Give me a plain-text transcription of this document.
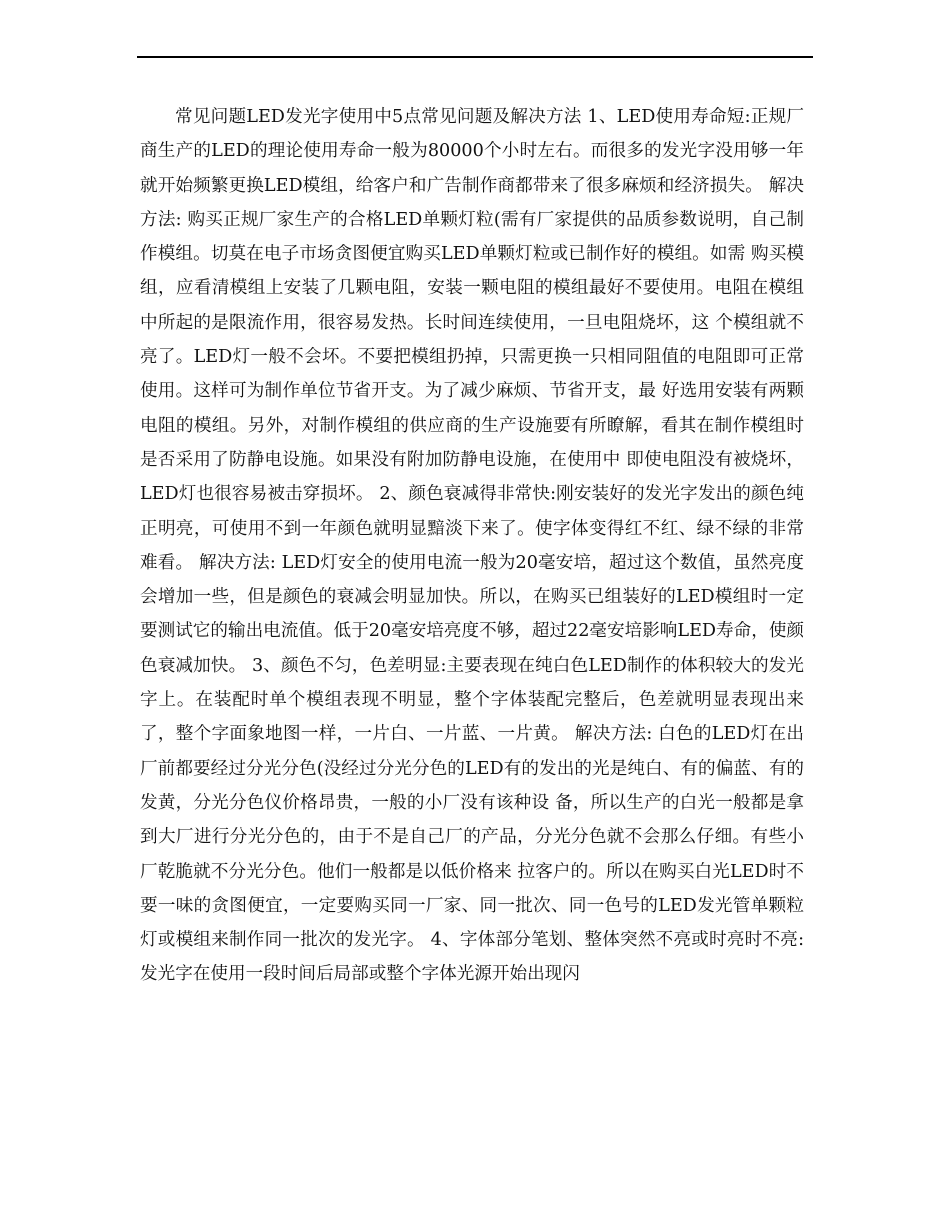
常见问题LED发光字使用中5点常见问题及解决方法 1、LED使用寿命短:正规厂商生产的LED的理论使用寿命一般为80000个小时左右。而很多的发光字没用够一年就开始频繁更换LED模组，给客户和广告制作商都带来了很多麻烦和经济损失。 解决方法: 购买正规厂家生产的合格LED单颗灯粒(需有厂家提供的品质参数说明，自己制作模组。切莫在电子市场贪图便宜购买LED单颗灯粒或已制作好的模组。如需 购买模组，应看清模组上安装了几颗电阻，安装一颗电阻的模组最好不要使用。电阻在模组中所起的是限流作用，很容易发热。长时间连续使用，一旦电阻烧坏，这 个模组就不亮了。LED灯一般不会坏。不要把模组扔掉，只需更换一只相同阻值的电阻即可正常使用。这样可为制作单位节省开支。为了减少麻烦、节省开支，最 好选用安装有两颗电阻的模组。另外，对制作模组的供应商的生产设施要有所瞭解，看其在制作模组时是否采用了防静电设施。如果没有附加防静电设施，在使用中 即使电阻没有被烧坏，LED灯也很容易被击穿损坏。 2、颜色衰减得非常快:刚安装好的发光字发出的颜色纯正明亮，可使用不到一年颜色就明显黯淡下来了。使字体变得红不红、绿不绿的非常难看。 解决方法: LED灯安全的使用电流一般为20毫安培，超过这个数值，虽然亮度会增加一些，但是颜色的衰减会明显加快。所以，在购买已组装好的LED模组时一定要测试它的输出电流值。低于20毫安培亮度不够，超过22毫安培影响LED寿命，使颜色衰减加快。 3、颜色不匀，色差明显:主要表现在纯白色LED制作的体积较大的发光字上。在装配时单个模组表现不明显，整个字体装配完整后，色差就明显表现出来了，整个字面象地图一样，一片白、一片蓝、一片黄。 解决方法: 白色的LED灯在出厂前都要经过分光分色(没经过分光分色的LED有的发出的光是纯白、有的偏蓝、有的发黄，分光分色仪价格昂贵，一般的小厂没有该种设 备，所以生产的白光一般都是拿到大厂进行分光分色的，由于不是自己厂的产品，分光分色就不会那么仔细。有些小厂乾脆就不分光分色。他们一般都是以低价格来 拉客户的。所以在购买白光LED时不要一味的贪图便宜，一定要购买同一厂家、同一批次、同一色号的LED发光管单颗粒灯或模组来制作同一批次的发光字。 4、字体部分笔划、整体突然不亮或时亮时不亮:发光字在使用一段时间后局部或整个字体光源开始出现闪
